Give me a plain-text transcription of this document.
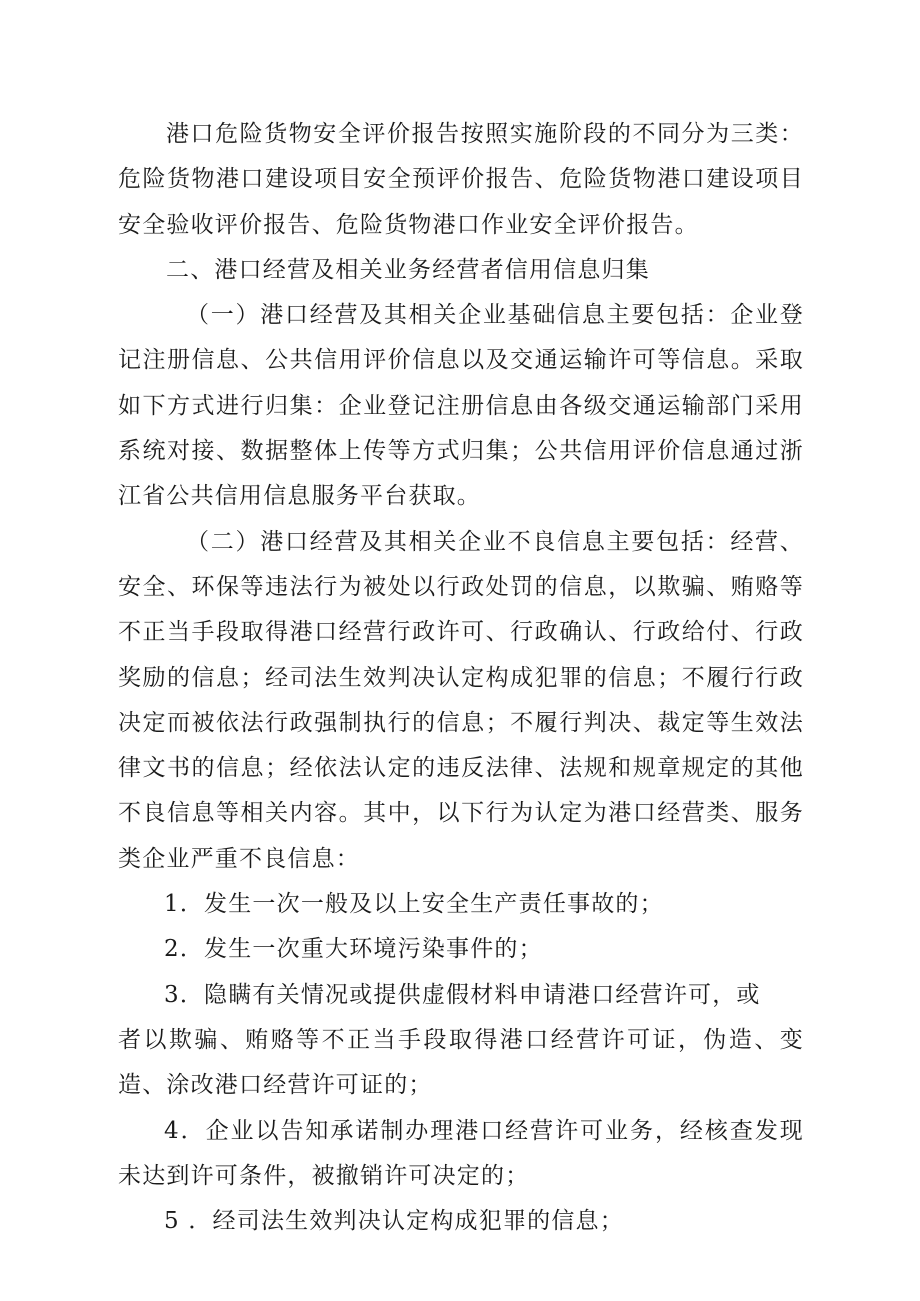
港口危险货物安全评价报告按照实施阶段的不同分为三类：危险货物港口建设项目安全预评价报告、危险货物港口建设项目安全验收评价报告、危险货物港口作业安全评价报告。

二、港口经营及相关业务经营者信用信息归集

（一）港口经营及其相关企业基础信息主要包括：企业登记注册信息、公共信用评价信息以及交通运输许可等信息。采取如下方式进行归集：企业登记注册信息由各级交通运输部门采用系统对接、数据整体上传等方式归集；公共信用评价信息通过浙江省公共信用信息服务平台获取。

（二）港口经营及其相关企业不良信息主要包括：经营、安全、环保等违法行为被处以行政处罚的信息，以欺骗、贿赂等不正当手段取得港口经营行政许可、行政确认、行政给付、行政奖励的信息；经司法生效判决认定构成犯罪的信息；不履行行政决定而被依法行政强制执行的信息；不履行判决、裁定等生效法律文书的信息；经依法认定的违反法律、法规和规章规定的其他不良信息等相关内容。其中，以下行为认定为港口经营类、服务类企业严重不良信息：

1．发生一次一般及以上安全生产责任事故的；

2．发生一次重大环境污染事件的；

3．隐瞒有关情况或提供虚假材料申请港口经营许可，或
者以欺骗、贿赂等不正当手段取得港口经营许可证，伪造、变造、涂改港口经营许可证的；

4．企业以告知承诺制办理港口经营许可业务，经核查发现未达到许可条件，被撤销许可决定的；

5 ．经司法生效判决认定构成犯罪的信息；
